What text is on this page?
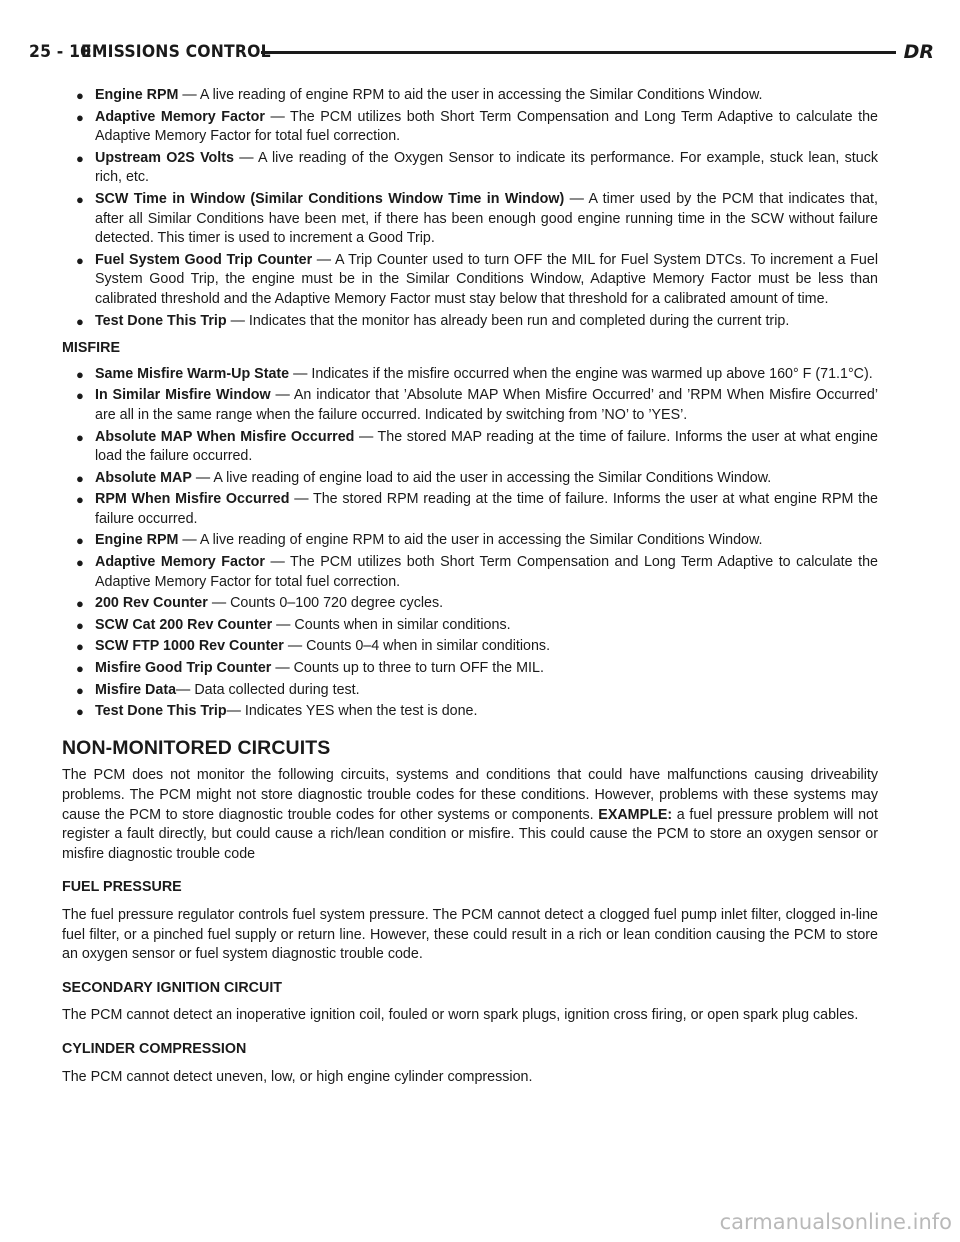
25 - 10
EMISSIONS CONTROL	DR
● Engine RPM — A live reading of engine RPM to aid the user in accessing the Similar Conditions Window.
● Adaptive Memory Factor — The PCM utilizes both Short Term Compensation and Long Term Adaptive to calculate the Adaptive Memory Factor for total fuel correction.
● Upstream O2S Volts — A live reading of the Oxygen Sensor to indicate its performance. For example, stuck lean, stuck rich, etc.
● SCW Time in Window (Similar Conditions Window Time in Window) — A timer used by the PCM that indicates that, after all Similar Conditions have been met, if there has been enough good engine running time in the SCW without failure detected. This timer is used to increment a Good Trip.
● Fuel System Good Trip Counter — A Trip Counter used to turn OFF the MIL for Fuel System DTCs. To increment a Fuel System Good Trip, the engine must be in the Similar Conditions Window, Adaptive Memory Factor must be less than calibrated threshold and the Adaptive Memory Factor must stay below that threshold for a calibrated amount of time.
● Test Done This Trip — Indicates that the monitor has already been run and completed during the current trip.
MISFIRE
● Same Misfire Warm-Up State — Indicates if the misfire occurred when the engine was warmed up above 160° F (71.1°C).
● In Similar Misfire Window — An indicator that ’Absolute MAP When Misfire Occurred’ and ’RPM When Misfire Occurred’ are all in the same range when the failure occurred. Indicated by switching from ’NO’ to ’YES’.
● Absolute MAP When Misfire Occurred — The stored MAP reading at the time of failure. Informs the user at what engine load the failure occurred.
● Absolute MAP — A live reading of engine load to aid the user in accessing the Similar Conditions Window.
● RPM When Misfire Occurred — The stored RPM reading at the time of failure. Informs the user at what engine RPM the failure occurred.
● Engine RPM — A live reading of engine RPM to aid the user in accessing the Similar Conditions Window.
● Adaptive Memory Factor — The PCM utilizes both Short Term Compensation and Long Term Adaptive to calculate the Adaptive Memory Factor for total fuel correction.
● 200 Rev Counter — Counts 0–100 720 degree cycles.
● SCW Cat 200 Rev Counter — Counts when in similar conditions.
● SCW FTP 1000 Rev Counter — Counts 0–4 when in similar conditions.
● Misfire Good Trip Counter — Counts up to three to turn OFF the MIL.
● Misfire Data— Data collected during test.
● Test Done This Trip— Indicates YES when the test is done.
NON-MONITORED CIRCUITS

The PCM does not monitor the following circuits, systems and conditions that could have malfunctions causing driveability problems. The PCM might not store diagnostic trouble codes for these conditions. However, problems with these systems may cause the PCM to store diagnostic trouble codes for other systems or components. EXAMPLE: a fuel pressure problem will not register a fault directly, but could cause a rich/lean condition or misfire. This could cause the PCM to store an oxygen sensor or misfire diagnostic trouble code

FUEL PRESSURE

The fuel pressure regulator controls fuel system pressure. The PCM cannot detect a clogged fuel pump inlet filter, clogged in-line fuel filter, or a pinched fuel supply or return line. However, these could result in a rich or lean condition causing the PCM to store an oxygen sensor or fuel system diagnostic trouble code.

SECONDARY IGNITION CIRCUIT

The PCM cannot detect an inoperative ignition coil, fouled or worn spark plugs, ignition cross firing, or open spark plug cables.

CYLINDER COMPRESSION

The PCM cannot detect uneven, low, or high engine cylinder compression.

carmanualsonline.info
